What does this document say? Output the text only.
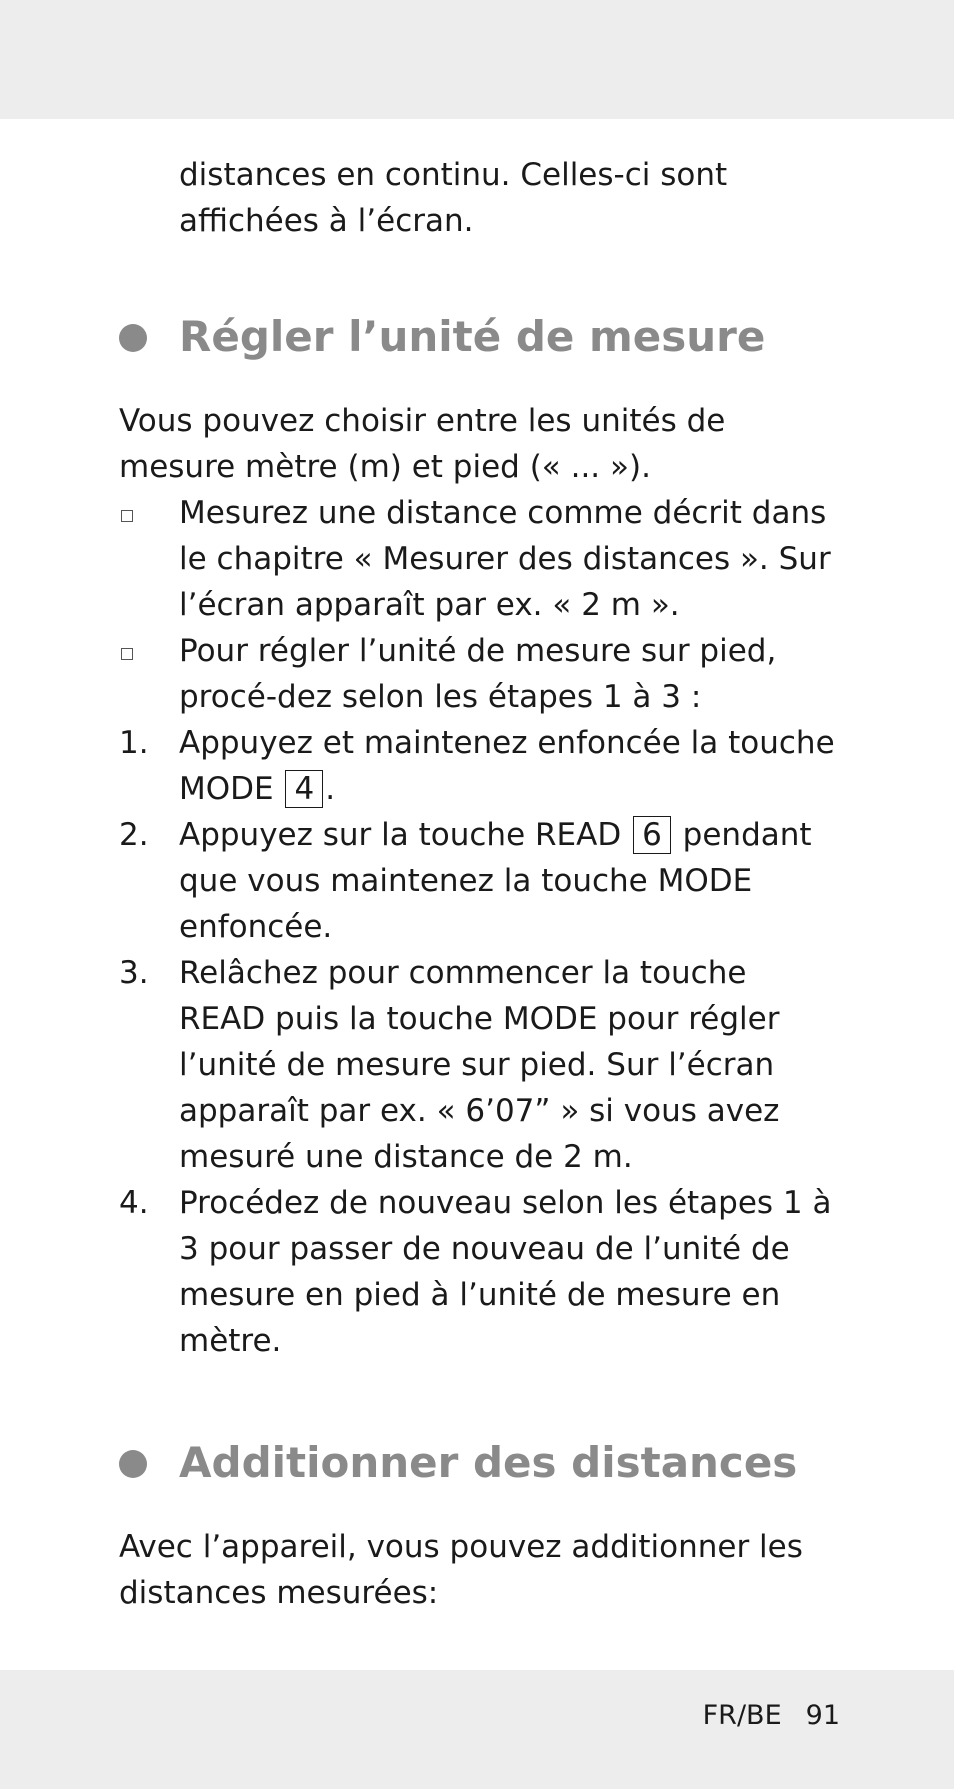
distances en continu. Celles-ci sont affichées à l’écran.
Régler l’unité de mesure
Vous pouvez choisir entre les unités de mesure mètre (m) et pied (« ... »).
Mesurez une distance comme décrit dans le chapitre « Mesurer des distances ». Sur l’écran apparaît par ex. « 2 m ».
Pour régler l’unité de mesure sur pied, procé-dez selon les étapes 1 à 3 :
1. Appuyez et maintenez enfoncée la touche MODE 4 .
2. Appuyez sur la touche READ 6 pendant que vous maintenez la touche MODE enfoncée.
3. Relâchez pour commencer la touche READ puis la touche MODE pour régler l’unité de mesure sur pied. Sur l’écran apparaît par ex. « 6’07” » si vous avez mesuré une distance de 2 m.
4. Procédez de nouveau selon les étapes 1 à 3 pour passer de nouveau de l’unité de mesure en pied à l’unité de mesure en mètre.
Additionner des distances
Avec l’appareil, vous pouvez additionner les distances mesurées:
FR/BE 91
